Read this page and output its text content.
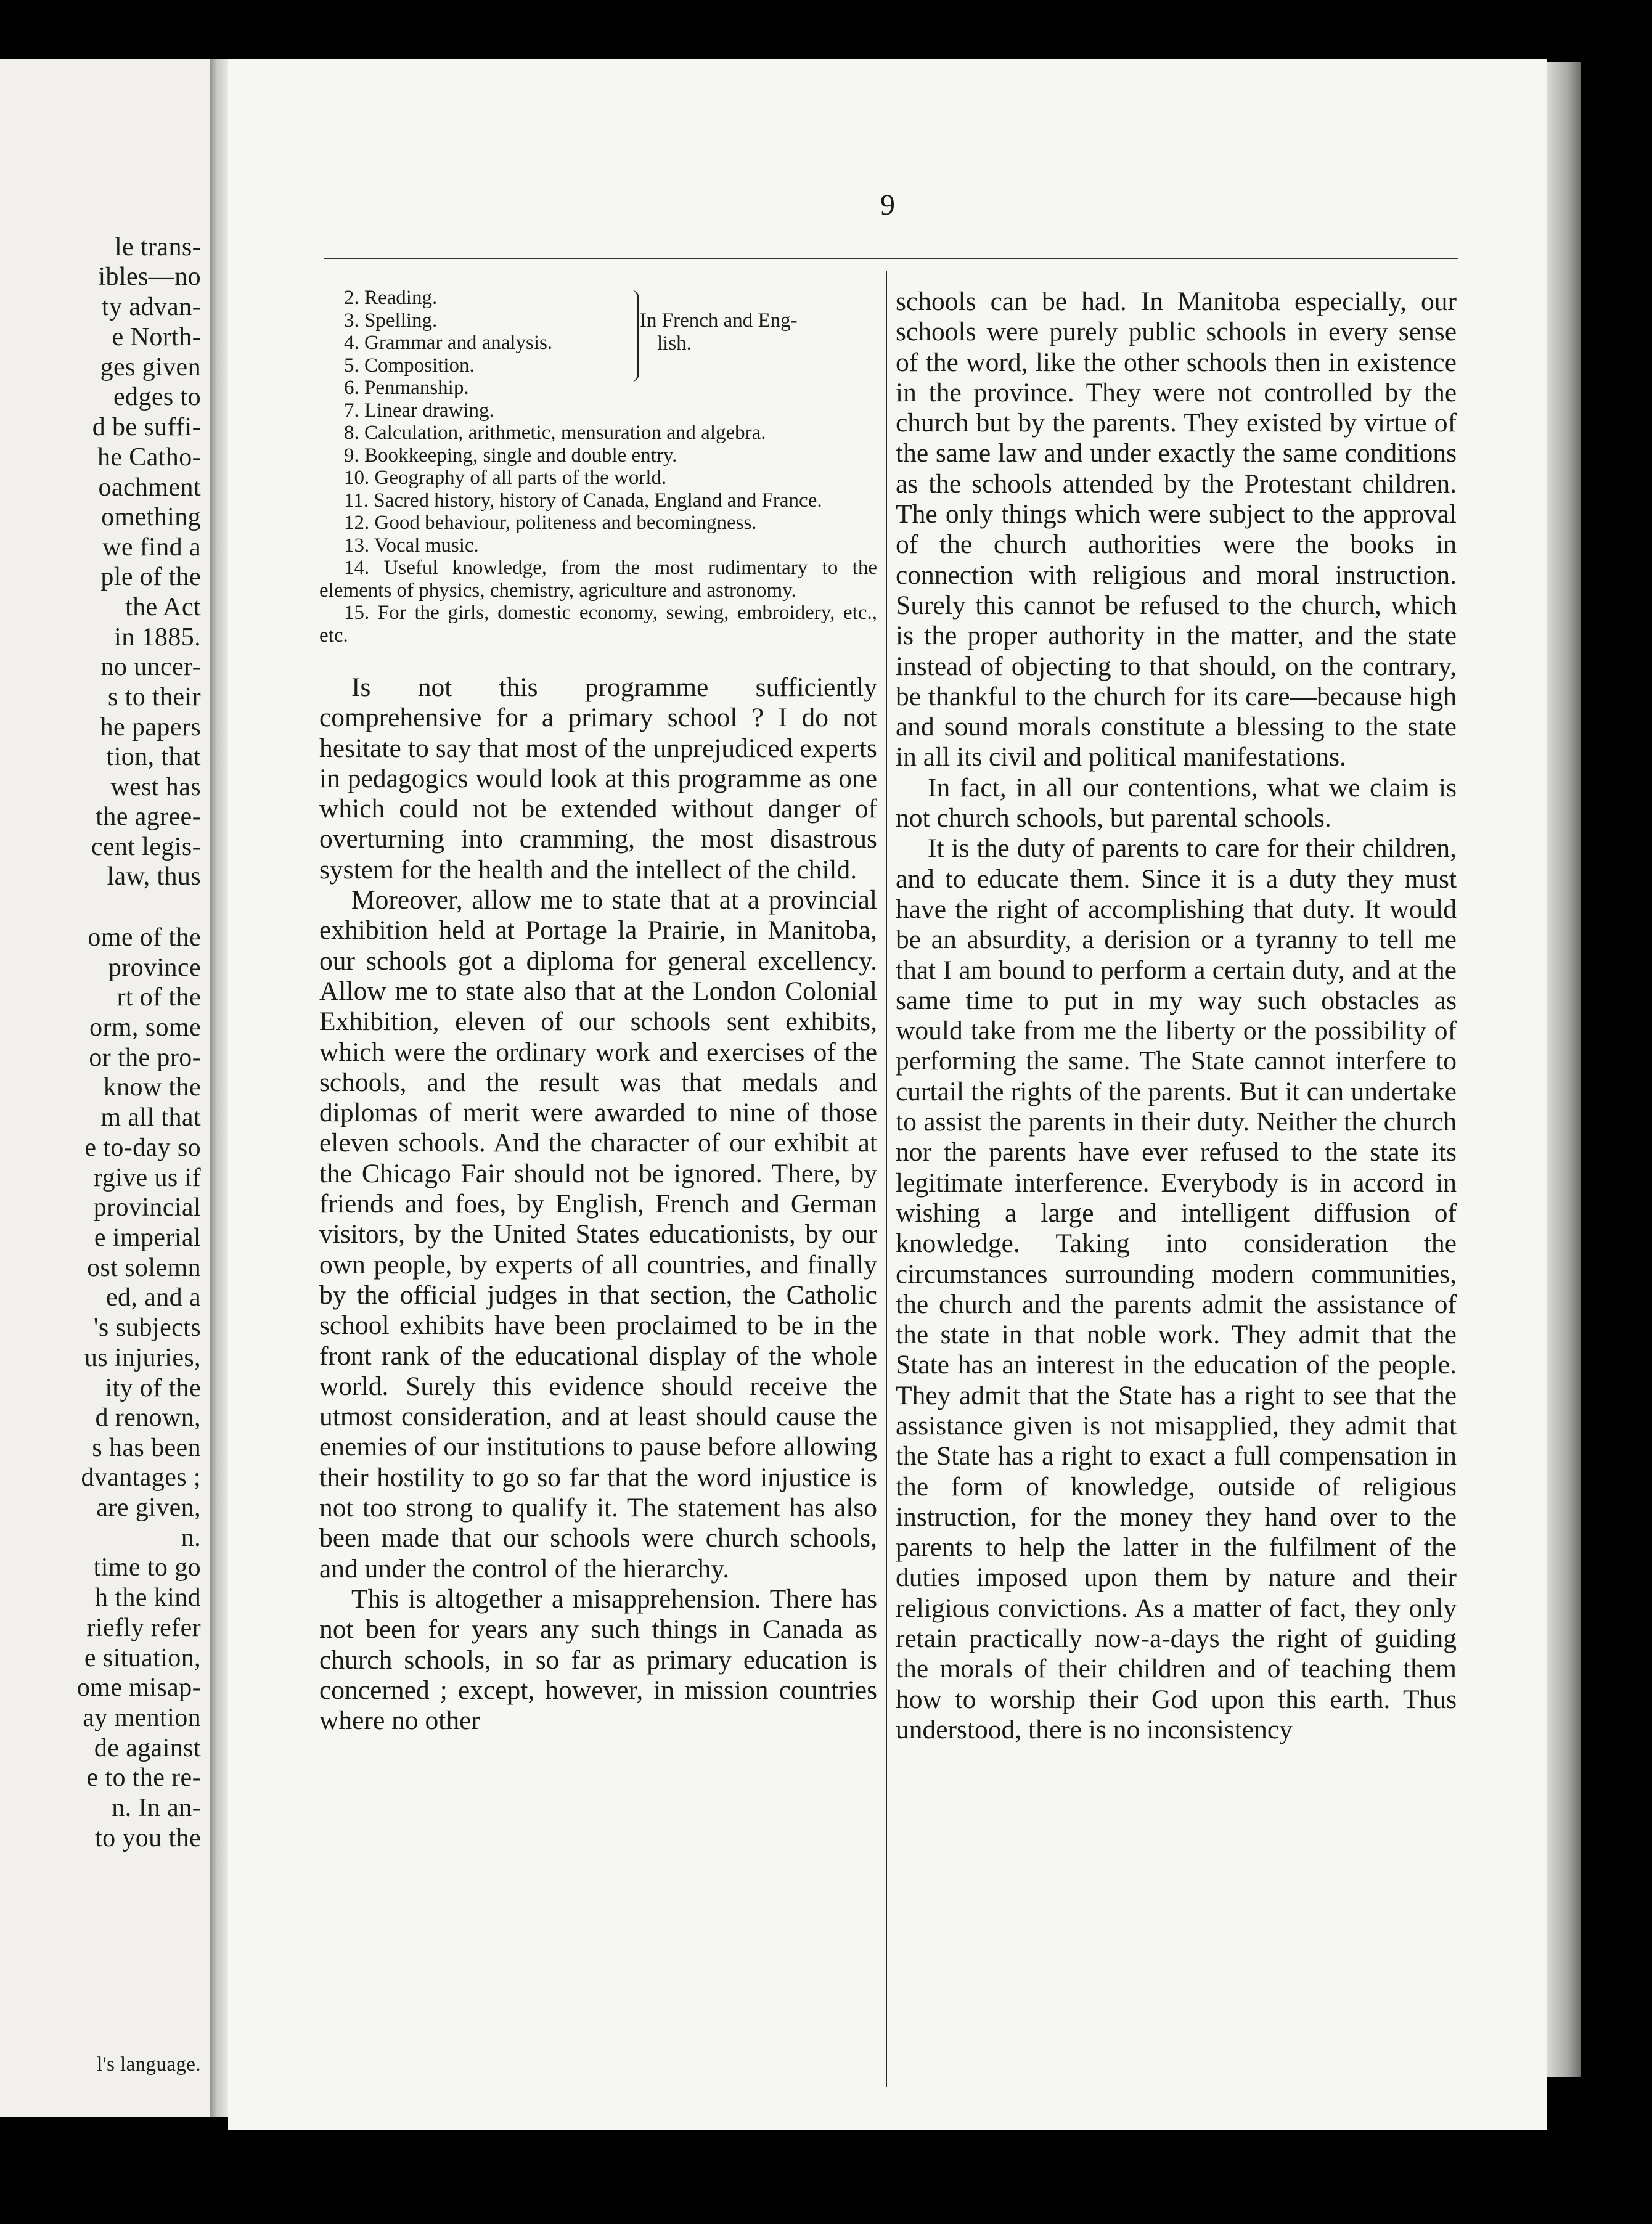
le trans-
ibles—no
ty advan-
e North-
ges given
edges to
d be suffi-
he Catho-
oachment
omething
we find a
ple of the
the Act
in 1885.
no uncer-
s to their
he papers
tion, that
west has
the agree-
cent legis-
law, thus
ome of the
province
rt of the
orm, some
or the pro-
know the
m all that
e to-day so
rgive us if
provincial
e imperial
ost solemn
ed, and a
's subjects
us injuries,
ity of the
d renown,
s has been
dvantages ;
are given,
n.
time to go
h the kind
riefly refer
e situation,
ome misap-
ay mention
de against
e to the re-
n. In an-
to you the
l's language.
9
In French and Eng-
lish.

2. Reading.

3. Spelling.

4. Grammar and analysis.

5. Composition.

6. Penmanship.

7. Linear drawing.

8. Calculation, arithmetic, mensuration and algebra.

9. Bookkeeping, single and double entry.

10. Geography of all parts of the world.

11. Sacred history, history of Canada, England and France.

12. Good behaviour, politeness and becomingness.

13. Vocal music.

14. Useful knowledge, from the most rudimentary to the elements of physics, chemistry, agriculture and astronomy.

15. For the girls, domestic economy, sewing, embroidery, etc., etc.

Is not this programme sufficiently comprehensive for a primary school ? I do not hesitate to say that most of the unprejudiced experts in pedagogics would look at this programme as one which could not be extended without danger of overturning into cramming, the most disastrous system for the health and the intellect of the child.

Moreover, allow me to state that at a provincial exhibition held at Portage la Prairie, in Manitoba, our schools got a diploma for general excellency. Allow me to state also that at the London Colonial Exhibition, eleven of our schools sent exhibits, which were the ordinary work and exercises of the schools, and the result was that medals and diplomas of merit were awarded to nine of those eleven schools. And the character of our exhibit at the Chicago Fair should not be ignored. There, by friends and foes, by English, French and German visitors, by the United States educationists, by our own people, by experts of all countries, and finally by the official judges in that section, the Catholic school exhibits have been proclaimed to be in the front rank of the educational display of the whole world. Surely this evidence should receive the utmost consideration, and at least should cause the enemies of our institutions to pause before allowing their hostility to go so far that the word injustice is not too strong to qualify it. The statement has also been made that our schools were church schools, and under the control of the hierarchy.

This is altogether a misapprehension. There has not been for years any such things in Canada as church schools, in so far as primary education is concerned ; except, however, in mission countries where no other

schools can be had. In Manitoba especially, our schools were purely public schools in every sense of the word, like the other schools then in existence in the province. They were not controlled by the church but by the parents. They existed by virtue of the same law and under exactly the same conditions as the schools attended by the Protestant children. The only things which were subject to the approval of the church authorities were the books in connection with religious and moral instruction. Surely this cannot be refused to the church, which is the proper authority in the matter, and the state instead of objecting to that should, on the contrary, be thankful to the church for its care—because high and sound morals constitute a blessing to the state in all its civil and political manifestations.

In fact, in all our contentions, what we claim is not church schools, but parental schools.

It is the duty of parents to care for their children, and to educate them. Since it is a duty they must have the right of accomplishing that duty. It would be an absurdity, a derision or a tyranny to tell me that I am bound to perform a certain duty, and at the same time to put in my way such obstacles as would take from me the liberty or the possibility of performing the same. The State cannot interfere to curtail the rights of the parents. But it can undertake to assist the parents in their duty. Neither the church nor the parents have ever refused to the state its legitimate interference. Everybody is in accord in wishing a large and intelligent diffusion of knowledge. Taking into consideration the circumstances surrounding modern communities, the church and the parents admit the assistance of the state in that noble work. They admit that the State has an interest in the education of the people. They admit that the State has a right to see that the assistance given is not misapplied, they admit that the State has a right to exact a full compensation in the form of knowledge, outside of religious instruction, for the money they hand over to the parents to help the latter in the fulfilment of the duties imposed upon them by nature and their religious convictions. As a matter of fact, they only retain practically now-a-days the right of guiding the morals of their children and of teaching them how to worship their God upon this earth. Thus understood, there is no inconsistency
